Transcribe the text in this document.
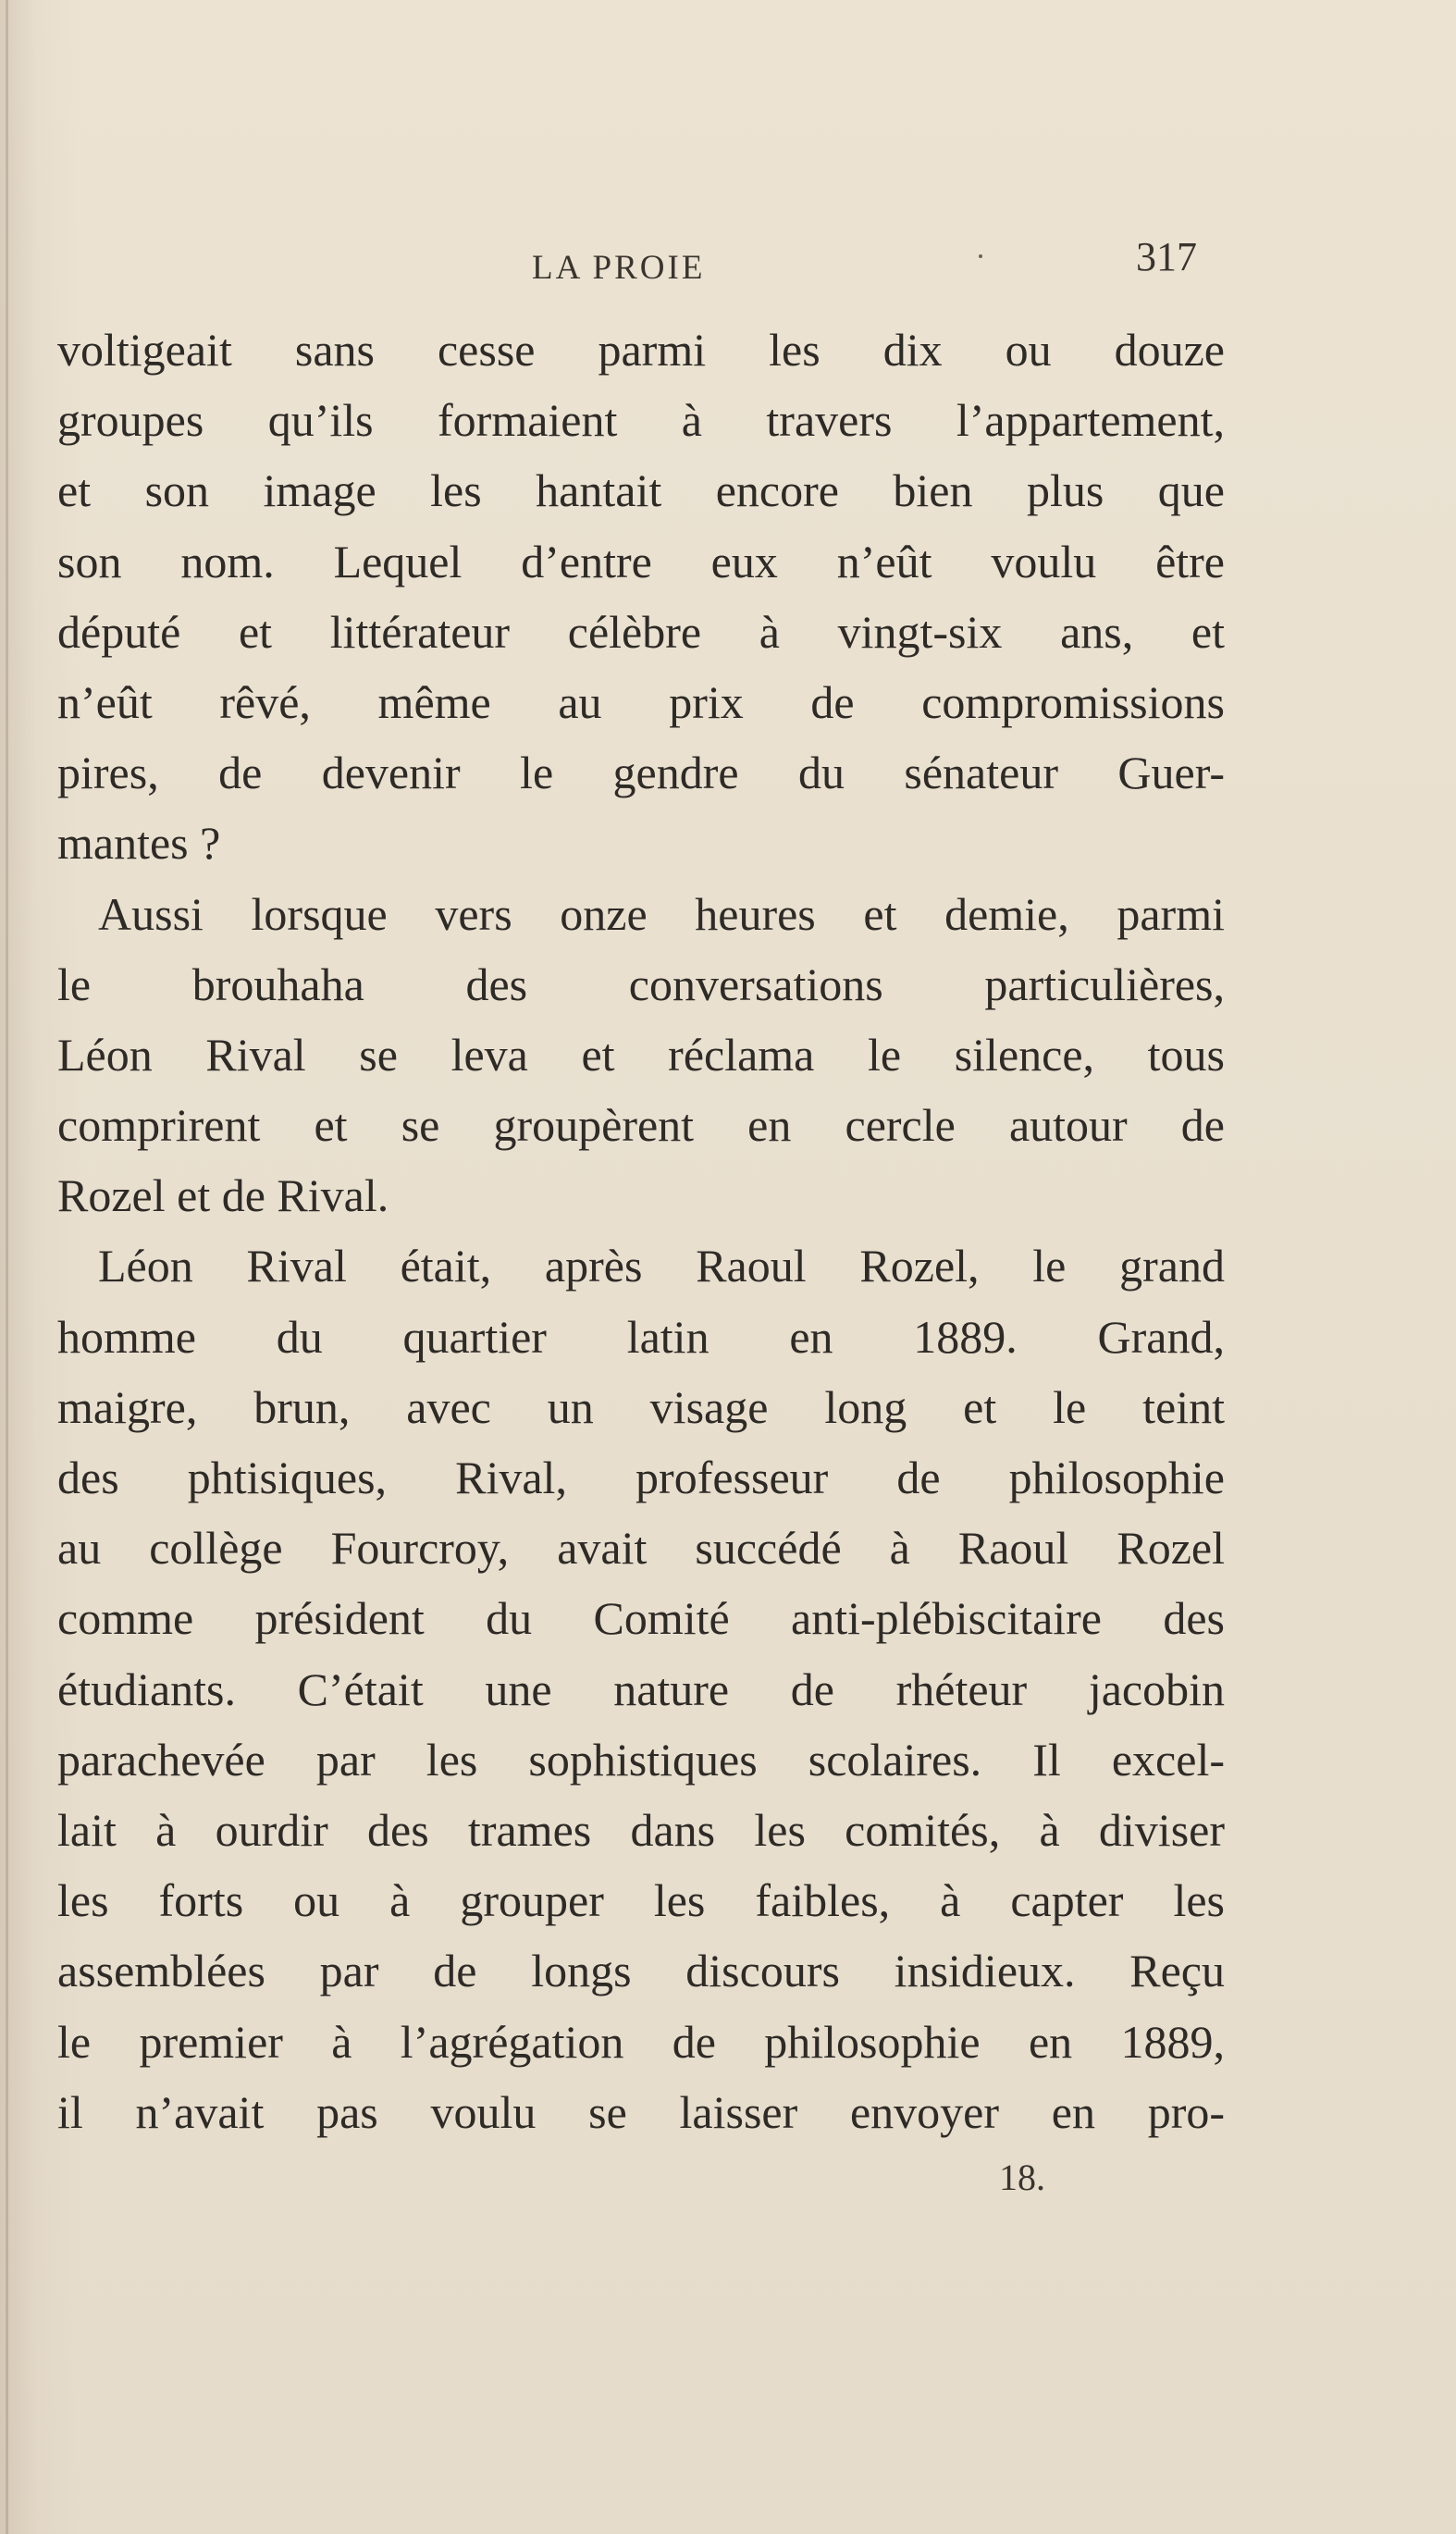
LA PROIE	317
voltigeait sans cesse parmi les dix ou douze
groupes qu’ils formaient à travers l’appartement,
et son image les hantait encore bien plus que
son nom. Lequel d’entre eux n’eût voulu être
député et littérateur célèbre à vingt-six ans, et
n’eût rêvé, même au prix de compromissions
pires, de devenir le gendre du sénateur Guer-
mantes ?
Aussi lorsque vers onze heures et demie, parmi
le brouhaha des conversations particulières,
Léon Rival se leva et réclama le silence, tous
comprirent et se groupèrent en cercle autour de
Rozel et de Rival.
Léon Rival était, après Raoul Rozel, le grand
homme du quartier latin en 1889. Grand,
maigre, brun, avec un visage long et le teint
des phtisiques, Rival, professeur de philosophie
au collège Fourcroy, avait succédé à Raoul Rozel
comme président du Comité anti-plébiscitaire des
étudiants. C’était une nature de rhéteur jacobin
parachevée par les sophistiques scolaires. Il excel-
lait à ourdir des trames dans les comités, à diviser
les forts ou à grouper les faibles, à capter les
assemblées par de longs discours insidieux. Reçu
le premier à l’agrégation de philosophie en 1889,
il n’avait pas voulu se laisser envoyer en pro-
18.
